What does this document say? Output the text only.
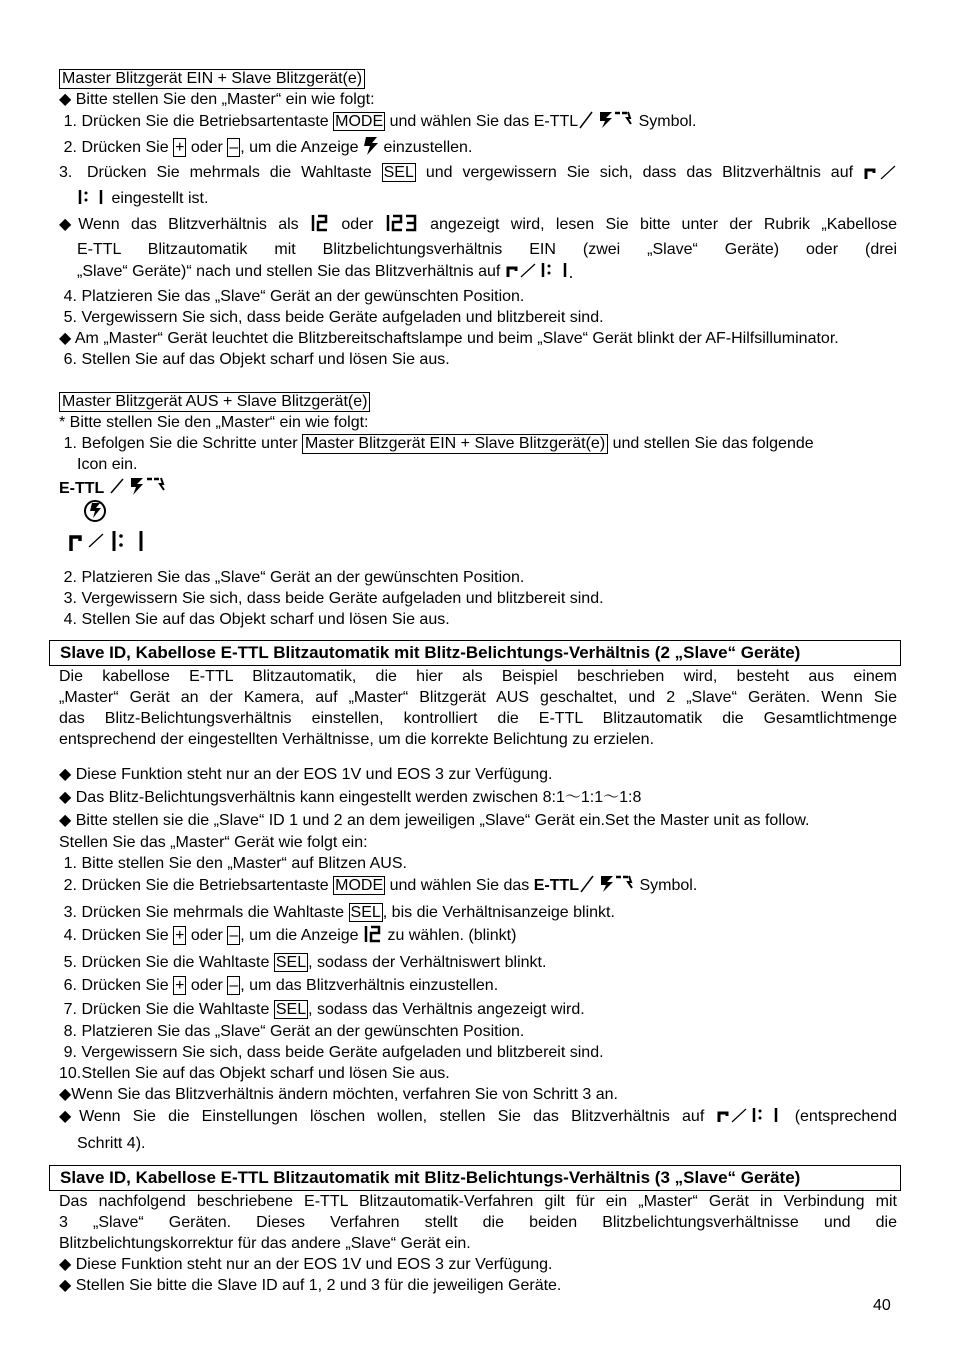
Master Blitzgerät EIN + Slave Blitzgerät(e)
◆ Bitte stellen Sie den „Master“ ein wie folgt:
1. Drücken Sie die Betriebsartentaste MODE und wählen Sie das E-TTL	Symbol.
2. Drücken Sie + oder – , um die Anzeige einzustellen.
3. Drücken Sie mehrmals die Wahltaste SEL und vergewissern Sie sich, dass das Blitzverhältnis auf
eingestellt ist.
◆Wenn das Blitzverhältnis als	oder	angezeigt wird, lesen Sie bitte unter der Rubrik „Kabellose
E-TTL Blitzautomatik mit Blitzbelichtungsverhältnis EIN (zwei „Slave“ Geräte) oder (drei
„Slave“ Geräte)“ nach und stellen Sie das Blitzverhältnis auf
4. Platzieren Sie das „Slave“ Gerät an der gewünschten Position.
5. Vergewissern Sie sich, dass beide Geräte aufgeladen und blitzbereit sind.
◆ Am „Master“ Gerät leuchtet die Blitzbereitschaftslampe und beim „Slave“ Gerät blinkt der AF-Hilfsilluminator.
6. Stellen Sie auf das Objekt scharf und lösen Sie aus.
Master Blitzgerät AUS + Slave Blitzgerät(e)
* Bitte stellen Sie den „Master“ ein wie folgt:
1. Befolgen Sie die Schritte unter Master Blitzgerät EIN + Slave Blitzgerät(e) und stellen Sie das folgende
Icon ein.
E-TTL
2. Platzieren Sie das „Slave“ Gerät an der gewünschten Position.
3. Vergewissern Sie sich, dass beide Geräte aufgeladen und blitzbereit sind.
4. Stellen Sie auf das Objekt scharf und lösen Sie aus.
Slave ID, Kabellose E-TTL Blitzautomatik mit Blitz-Belichtungs-Verhältnis (2 „Slave“ Geräte)
Die kabellose E-TTL Blitzautomatik, die hier als Beispiel beschrieben wird, besteht aus einem
„Master“ Gerät an der Kamera, auf „Master“ Blitzgerät AUS geschaltet, und 2 „Slave“ Geräten. Wenn Sie
das Blitz-Belichtungsverhältnis einstellen, kontrolliert die E-TTL Blitzautomatik die Gesamtlichtmenge
entsprechend der eingestellten Verhältnisse, um die korrekte Belichtung zu erzielen.
◆ Diese Funktion steht nur an der EOS 1V und EOS 3 zur Verfügung.
◆ Das Blitz-Belichtungsverhältnis kann eingestellt werden zwischen 8:1～1:1～1:8
◆ Bitte stellen sie die „Slave“ ID 1 und 2 an dem jeweiligen „Slave“ Gerät ein.Set the Master unit as follow.
Stellen Sie das „Master“ Gerät wie folgt ein:
1. Bitte stellen Sie den „Master“ auf Blitzen AUS.
2. Drücken Sie die Betriebsartentaste MODE und wählen Sie das E-TTL	Symbol.
3. Drücken Sie mehrmals die Wahltaste SEL , bis die Verhältnisanzeige blinkt.
4. Drücken Sie + oder – , um die Anzeige zu wählen. (blinkt)
5. Drücken Sie die Wahltaste SEL , sodass der Verhältniswert blinkt.
6. Drücken Sie + oder – , um das Blitzverhältnis einzustellen.
7. Drücken Sie die Wahltaste SEL , sodass das Verhältnis angezeigt wird.
8. Platzieren Sie das „Slave“ Gerät an der gewünschten Position.
9. Vergewissern Sie sich, dass beide Geräte aufgeladen und blitzbereit sind.
10. Stellen Sie auf das Objekt scharf und lösen Sie aus.
◆Wenn Sie das Blitzverhältnis ändern möchten, verfahren Sie von Schritt 3 an.
◆Wenn Sie die Einstellungen löschen wollen, stellen Sie das Blitzverhältnis auf	(entsprechend
Schritt 4).
Slave ID, Kabellose E-TTL Blitzautomatik mit Blitz-Belichtungs-Verhältnis (3 „Slave“ Geräte)
Das nachfolgend beschriebene E-TTL Blitzautomatik-Verfahren gilt für ein „Master“ Gerät in Verbindung mit
3 „Slave“ Geräten. Dieses Verfahren stellt die beiden Blitzbelichtungsverhältnisse und die
Blitzbelichtungskorrektur für das andere „Slave“ Gerät ein.
◆ Diese Funktion steht nur an der EOS 1V und EOS 3 zur Verfügung.
◆ Stellen Sie bitte die Slave ID auf 1, 2 und 3 für die jeweiligen Geräte.
40
